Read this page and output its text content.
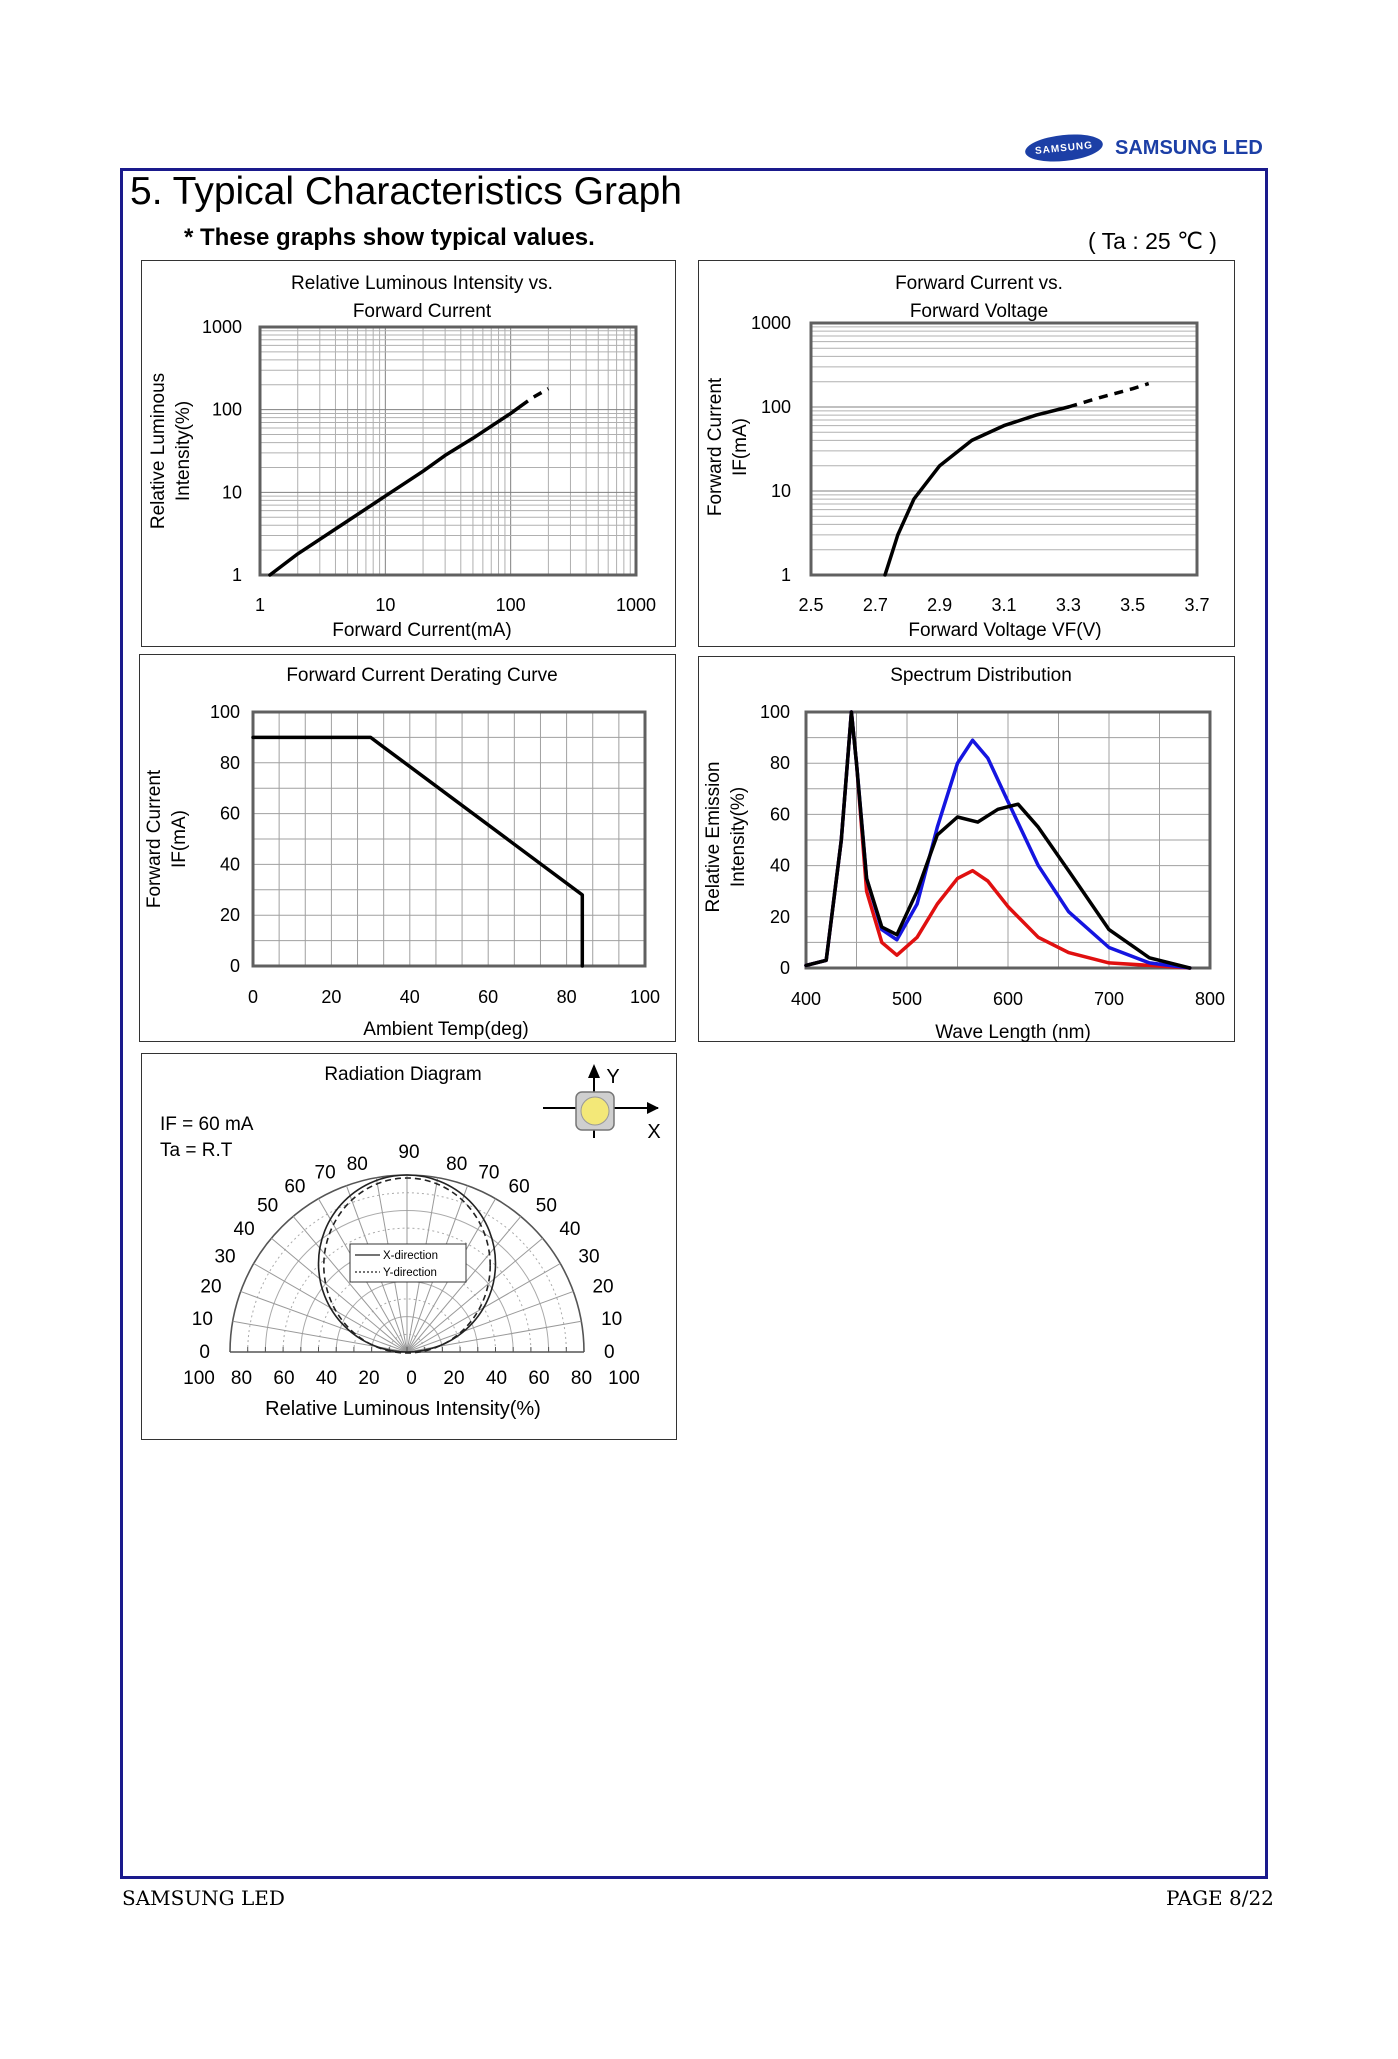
SAMSUNG	SAMSUNG LED
5. Typical Characteristics Graph
* These graphs show typical values.	( Ta : 25 ℃ )
1	10	100	1000
1
10
100
1000
Relative Luminous Intensity vs.
Forward Current
Forward Current(mA)
Relative Luminous Intensity(%)
2.5 2.7 2.9 3.1 3.3 3.5 3.7
1
10
100
1000
Forward Current vs.
Forward Voltage
Forward Voltage VF(V)
Forward Current IF(mA)
0	20	40	60	80	100
0
20
40
60
80
100
Forward Current Derating Curve
Ambient Temp(deg)
Forward Current IF(mA)
400	500	600	700	800
0
20
40
60
80
100
Spectrum Distribution
Wave Length (nm)
Relative Emission Intensity(%)
Radiation Diagram
IF = 60 mA
Ta = R.T
0	0
10	10
20	20
30	30
40	40
50	50
60	60
70	70
80	80
90
100 80 60 40 20 0 20 40 60 80 100
Relative Luminous Intensity(%)
X-direction
Y-direction
X
Y
SAMSUNG LED	PAGE 8/22
